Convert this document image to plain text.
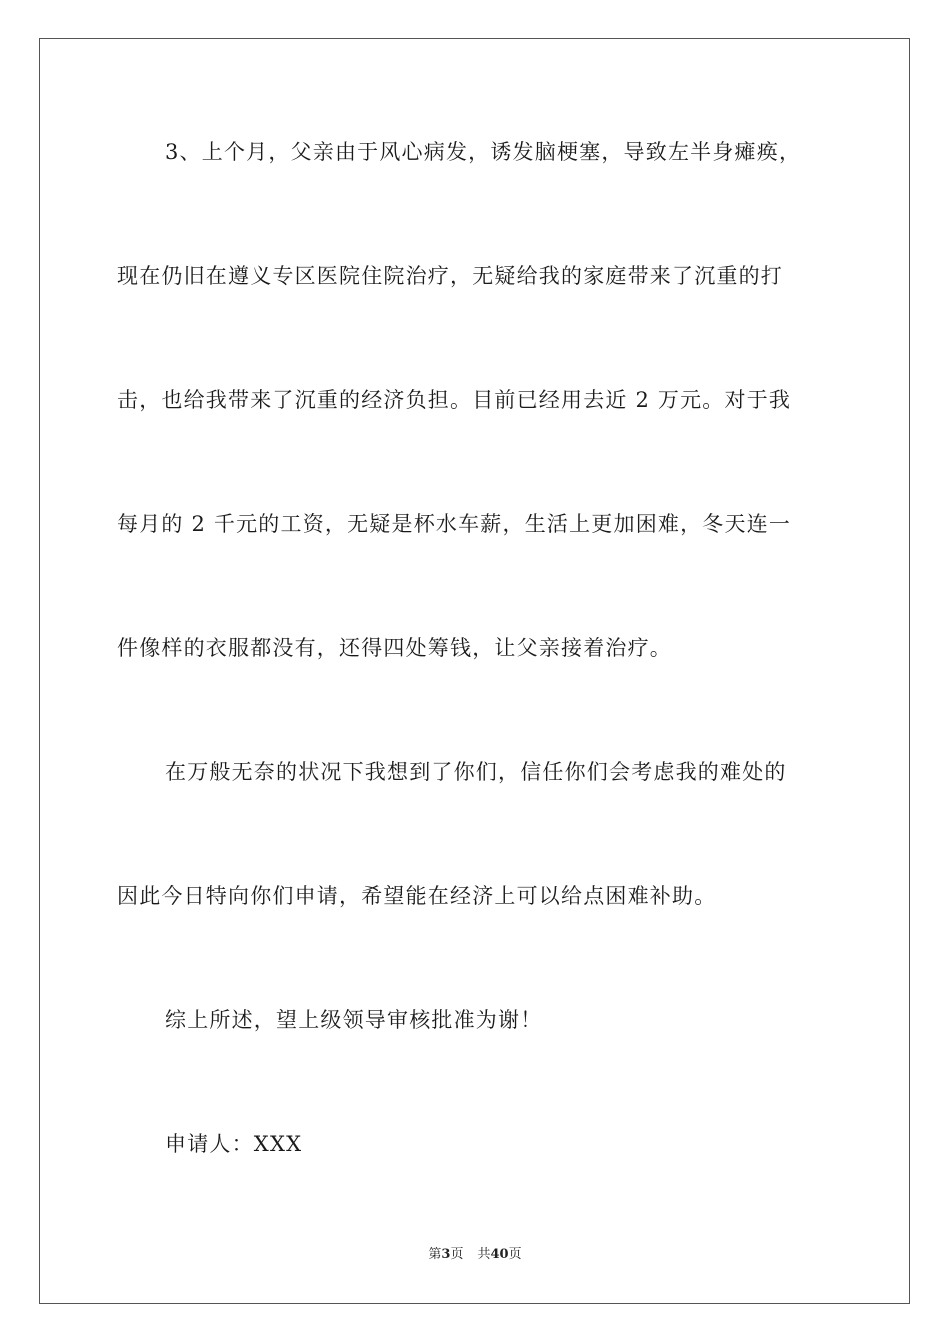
3、上个月，父亲由于风心病发，诱发脑梗塞，导致左半身瘫痪，
现在仍旧在遵义专区医院住院治疗，无疑给我的家庭带来了沉重的打
击，也给我带来了沉重的经济负担。目前已经用去近 2 万元。对于我
每月的 2 千元的工资，无疑是杯水车薪，生活上更加困难，冬天连一
件像样的衣服都没有，还得四处筹钱，让父亲接着治疗。
在万般无奈的状况下我想到了你们，信任你们会考虑我的难处的
因此今日特向你们申请，希望能在经济上可以给点困难补助。
综上所述，望上级领导审核批准为谢！
申请人：XXX
第3页 共40页
